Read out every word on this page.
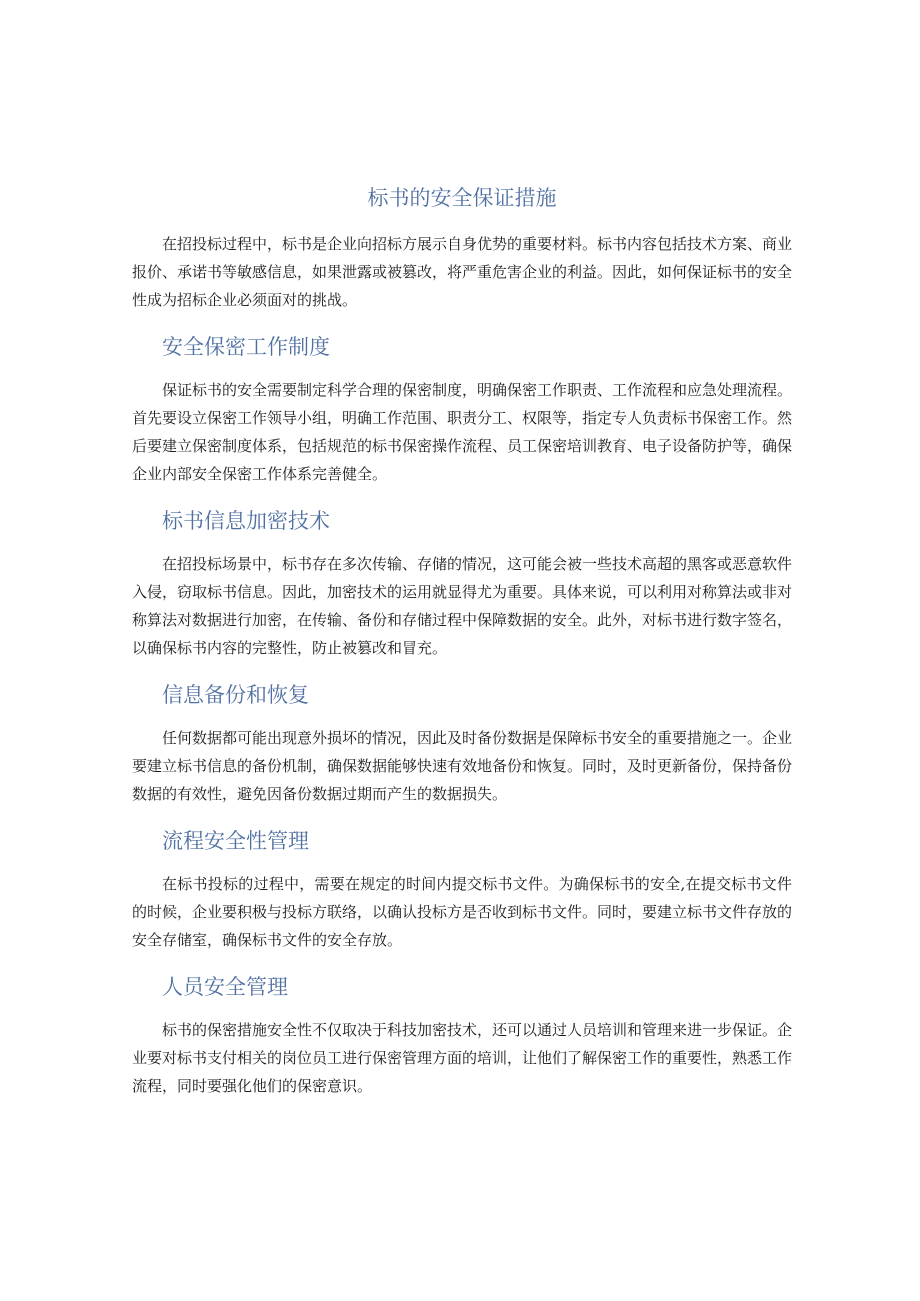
标书的安全保证措施

在招投标过程中，标书是企业向招标方展示自身优势的重要材料。标书内容包括技术方案、商业报价、承诺书等敏感信息，如果泄露或被篡改，将严重危害企业的利益。因此，如何保证标书的安全性成为招标企业必须面对的挑战。

安全保密工作制度

保证标书的安全需要制定科学合理的保密制度，明确保密工作职责、工作流程和应急处理流程。首先要设立保密工作领导小组，明确工作范围、职责分工、权限等，指定专人负责标书保密工作。然后要建立保密制度体系，包括规范的标书保密操作流程、员工保密培训教育、电子设备防护等，确保企业内部安全保密工作体系完善健全。

标书信息加密技术

在招投标场景中，标书存在多次传输、存储的情况，这可能会被一些技术高超的黑客或恶意软件入侵，窃取标书信息。因此，加密技术的运用就显得尤为重要。具体来说，可以利用对称算法或非对称算法对数据进行加密，在传输、备份和存储过程中保障数据的安全。此外，对标书进行数字签名，以确保标书内容的完整性，防止被篡改和冒充。

信息备份和恢复

任何数据都可能出现意外损坏的情况，因此及时备份数据是保障标书安全的重要措施之一。企业要建立标书信息的备份机制，确保数据能够快速有效地备份和恢复。同时，及时更新备份，保持备份数据的有效性，避免因备份数据过期而产生的数据损失。

流程安全性管理

在标书投标的过程中，需要在规定的时间内提交标书文件。为确保标书的安全,在提交标书文件的时候，企业要积极与投标方联络，以确认投标方是否收到标书文件。同时，要建立标书文件存放的安全存储室，确保标书文件的安全存放。

人员安全管理

标书的保密措施安全性不仅取决于科技加密技术，还可以通过人员培训和管理来进一步保证。企业要对标书支付相关的岗位员工进行保密管理方面的培训，让他们了解保密工作的重要性，熟悉工作流程，同时要强化他们的保密意识。
